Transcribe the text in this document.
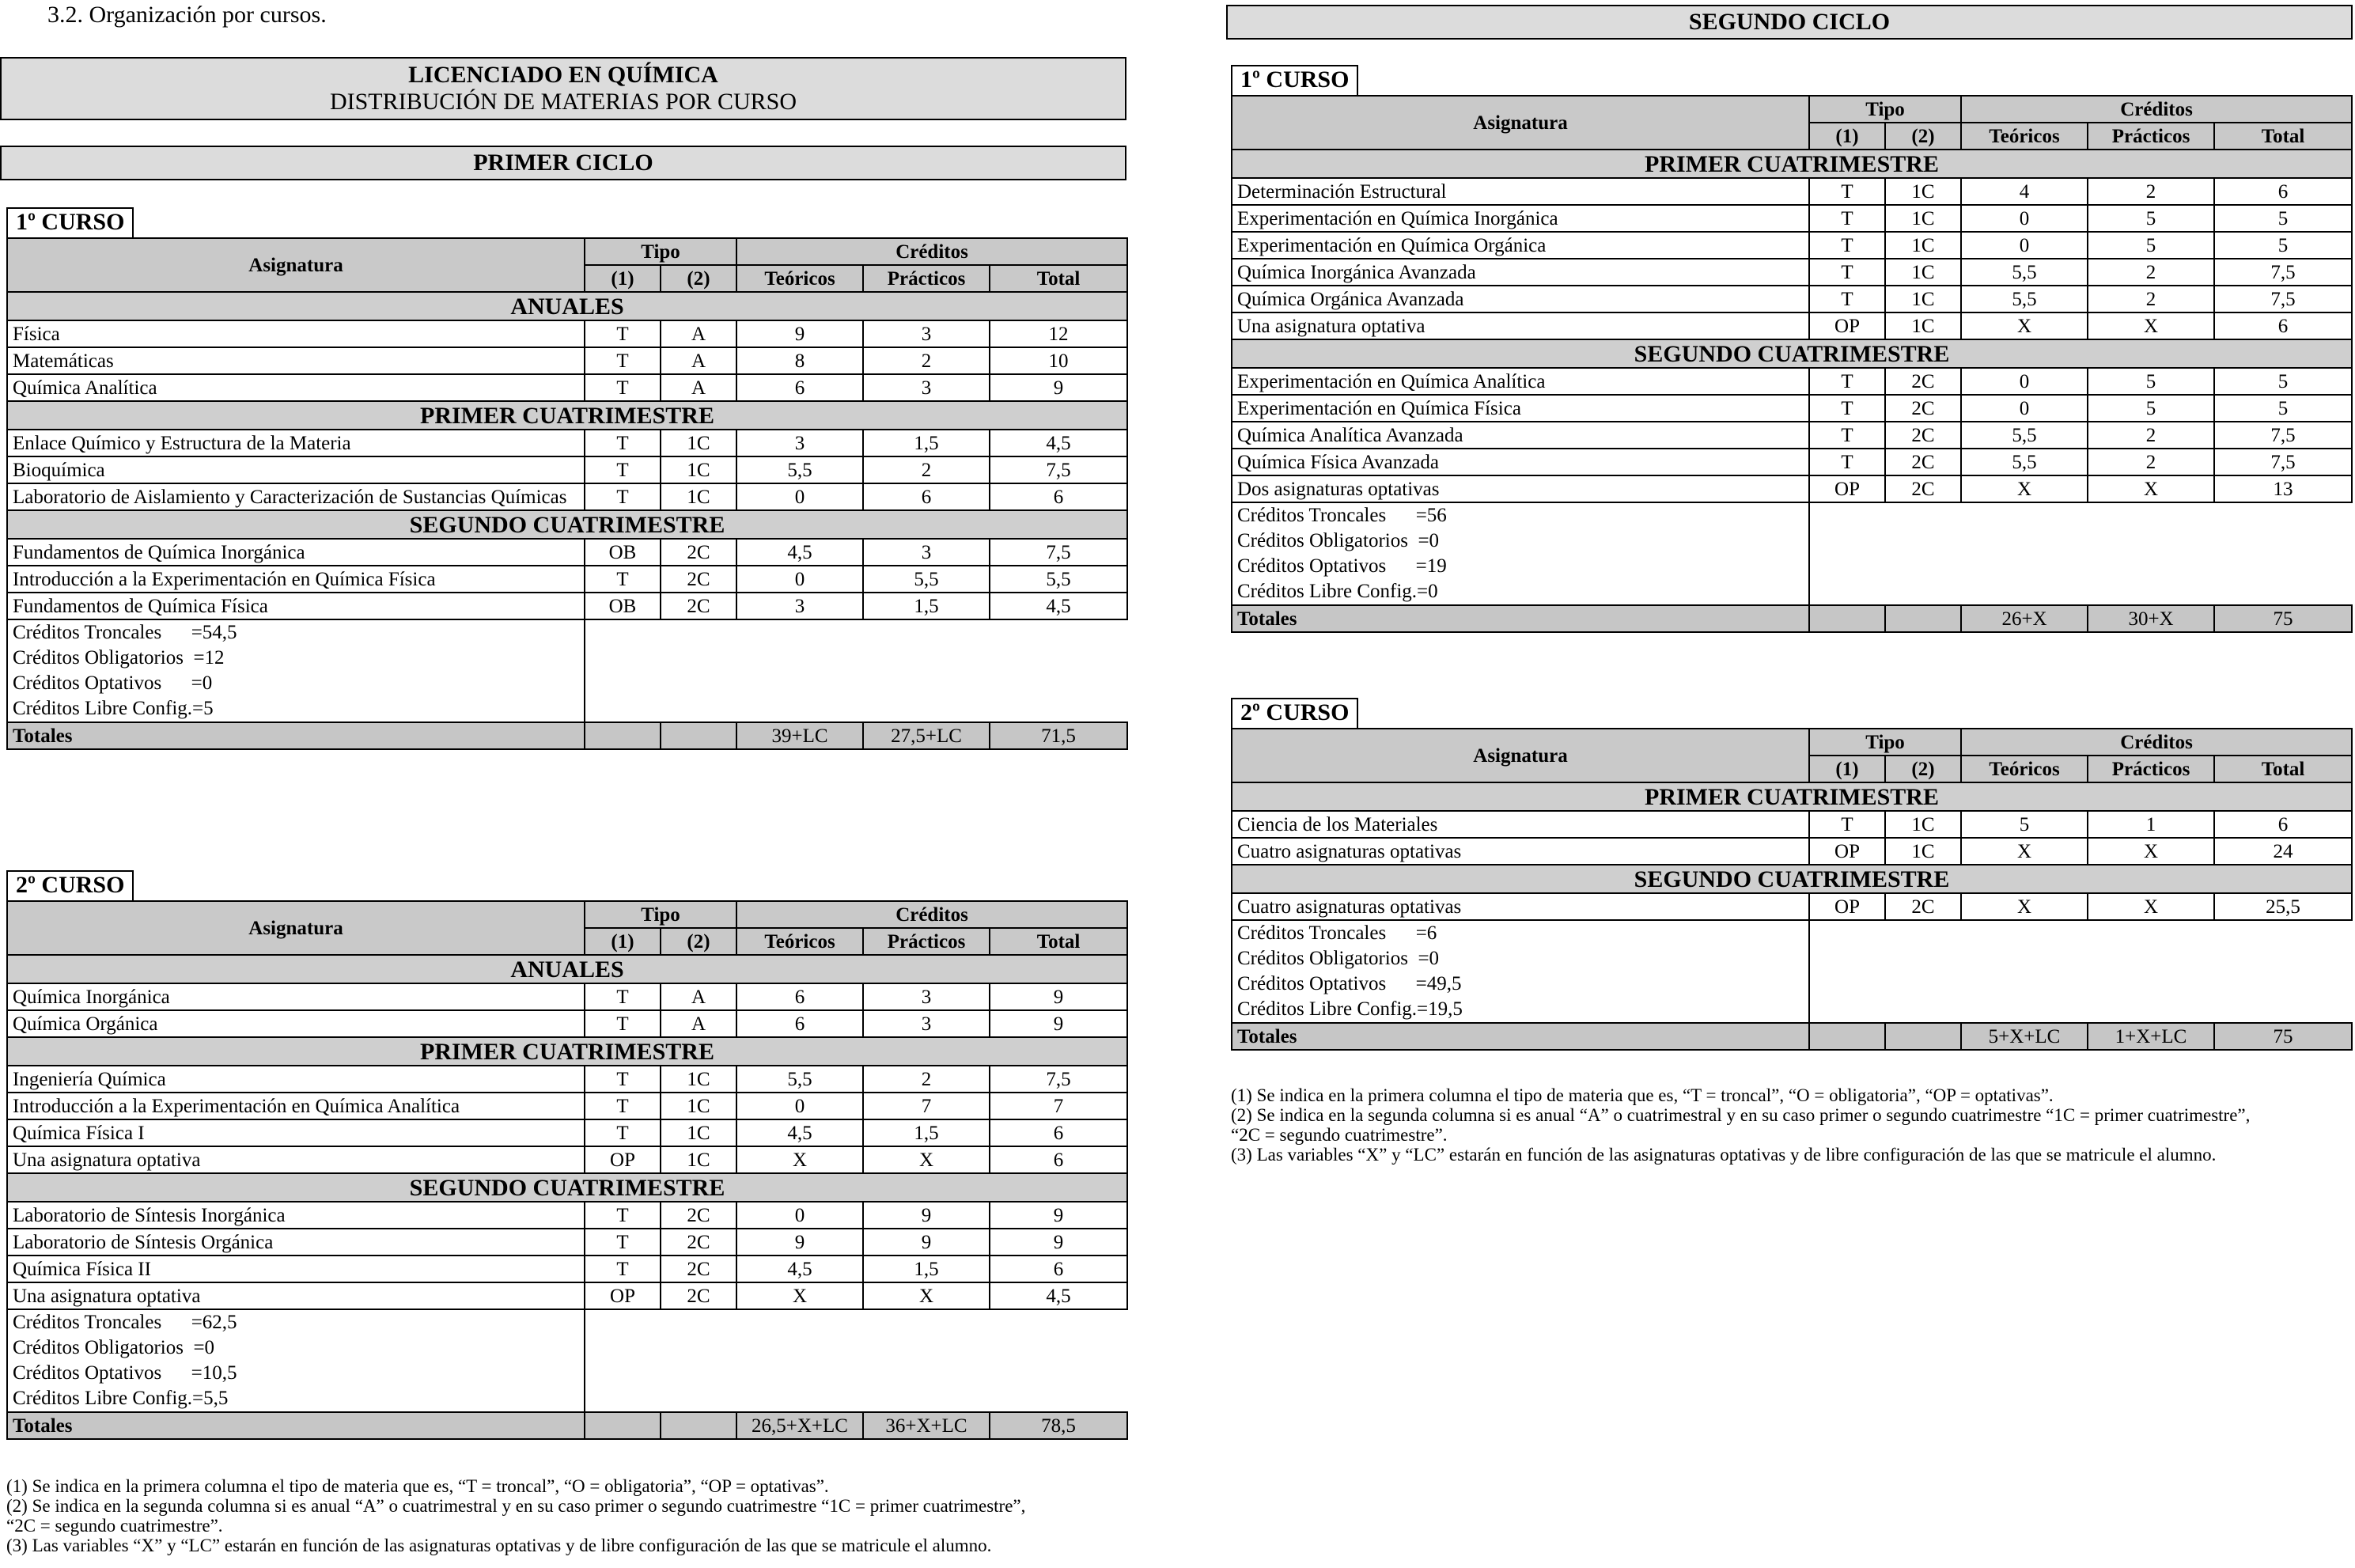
3.2. Organización por cursos.
LICENCIADO EN QUÍMICA
DISTRIBUCIÓN DE MATERIAS POR CURSO
PRIMER CICLO
1º CURSO
Asignatura	Tipo		Créditos		
	(1)	(2)	Teóricos	Prácticos	Total
ANUALES					
Física	T	A	9	3	12
Matemáticas	T	A	8	2	10
Química Analítica	T	A	6	3	9
PRIMER CUATRIMESTRE					
Enlace Químico y Estructura de la Materia	T	1C	3	1,5	4,5
Bioquímica	T	1C	5,5	2	7,5
Laboratorio de Aislamiento y Caracterización de Sustancias Químicas	T	1C	0	6	6
SEGUNDO CUATRIMESTRE					
Fundamentos de Química Inorgánica	OB	2C	4,5	3	7,5
Introducción a la Experimentación en Química Física	T	2C	0	5,5	5,5
Fundamentos de Química Física	OB	2C	3	1,5	4,5
Créditos Troncales      =54,5					
Créditos Obligatorios  =12					
Créditos Optativos      =0					
Créditos Libre Config.=5					
Totales			39+LC	27,5+LC	71,5
2º CURSO
Asignatura	Tipo		Créditos		
	(1)	(2)	Teóricos	Prácticos	Total
ANUALES					
Química Inorgánica	T	A	6	3	9
Química Orgánica	T	A	6	3	9
PRIMER CUATRIMESTRE					
Ingeniería Química	T	1C	5,5	2	7,5
Introducción a la Experimentación en Química Analítica	T	1C	0	7	7
Química Física I	T	1C	4,5	1,5	6
Una asignatura optativa	OP	1C	X	X	6
SEGUNDO CUATRIMESTRE					
Laboratorio de Síntesis Inorgánica	T	2C	0	9	9
Laboratorio de Síntesis Orgánica	T	2C	9	9	9
Química Física II	T	2C	4,5	1,5	6
Una asignatura optativa	OP	2C	X	X	4,5
Créditos Troncales      =62,5					
Créditos Obligatorios  =0					
Créditos Optativos      =10,5					
Créditos Libre Config.=5,5					
Totales			26,5+X+LC	36+X+LC	78,5
(1) Se indica en la primera columna el tipo de materia que es, “T = troncal”, “O = obligatoria”, “OP = optativas”.
(2) Se indica en la segunda columna si es anual “A” o cuatrimestral y en su caso primer o segundo cuatrimestre “1C = primer cuatrimestre”,
“2C = segundo cuatrimestre”.
(3) Las variables “X” y “LC” estarán en función de las asignaturas optativas y de libre configuración de las que se matricule el alumno.
SEGUNDO CICLO
1º CURSO
Asignatura	Tipo		Créditos		
	(1)	(2)	Teóricos	Prácticos	Total
PRIMER CUATRIMESTRE					
Determinación Estructural	T	1C	4	2	6
Experimentación en Química Inorgánica	T	1C	0	5	5
Experimentación en Química Orgánica	T	1C	0	5	5
Química Inorgánica Avanzada	T	1C	5,5	2	7,5
Química Orgánica Avanzada	T	1C	5,5	2	7,5
Una asignatura optativa	OP	1C	X	X	6
SEGUNDO CUATRIMESTRE					
Experimentación en Química Analítica	T	2C	0	5	5
Experimentación en Química Física	T	2C	0	5	5
Química Analítica Avanzada	T	2C	5,5	2	7,5
Química Física Avanzada	T	2C	5,5	2	7,5
Dos asignaturas optativas	OP	2C	X	X	13
Créditos Troncales      =56					
Créditos Obligatorios  =0					
Créditos Optativos      =19					
Créditos Libre Config.=0					
Totales			26+X	30+X	75
2º CURSO
Asignatura	Tipo		Créditos		
	(1)	(2)	Teóricos	Prácticos	Total
PRIMER CUATRIMESTRE					
Ciencia de los Materiales	T	1C	5	1	6
Cuatro asignaturas optativas	OP	1C	X	X	24
SEGUNDO CUATRIMESTRE					
Cuatro asignaturas optativas	OP	2C	X	X	25,5
Créditos Troncales      =6					
Créditos Obligatorios  =0					
Créditos Optativos      =49,5					
Créditos Libre Config.=19,5					
Totales			5+X+LC	1+X+LC	75
(1) Se indica en la primera columna el tipo de materia que es, “T = troncal”, “O = obligatoria”, “OP = optativas”.
(2) Se indica en la segunda columna si es anual “A” o cuatrimestral y en su caso primer o segundo cuatrimestre “1C = primer cuatrimestre”,
“2C = segundo cuatrimestre”.
(3) Las variables “X” y “LC” estarán en función de las asignaturas optativas y de libre configuración de las que se matricule el alumno.
